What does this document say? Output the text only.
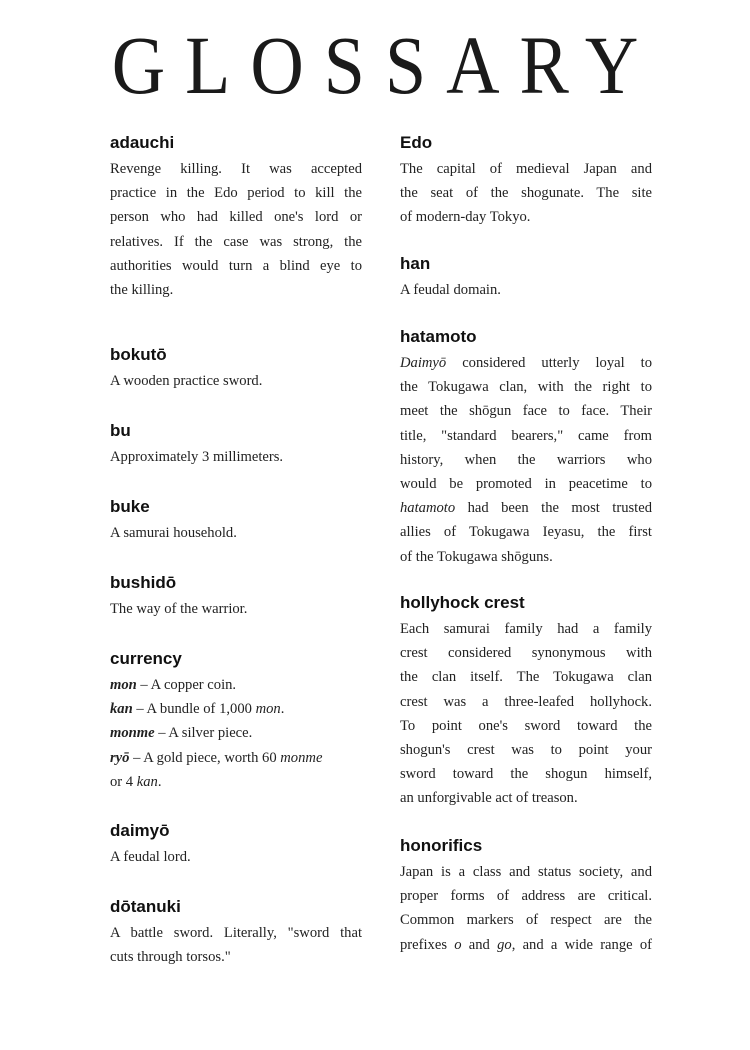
GLOSSARY
adauchi
Revenge killing. It was accepted
practice in the Edo period to kill the
person who had killed one's lord or
relatives. If the case was strong, the
authorities would turn a blind eye to
the killing.
bokutō
A wooden practice sword.
bu
Approximately 3 millimeters.
buke
A samurai household.
bushidō
The way of the warrior.
currency
mon – A copper coin.
kan – A bundle of 1,000 mon.
monme – A silver piece.
ryō – A gold piece, worth 60 monme
or 4 kan.
daimyō
A feudal lord.
dōtanuki
A battle sword. Literally, "sword that
cuts through torsos."
Edo
The capital of medieval Japan and
the seat of the shogunate. The site
of modern-day Tokyo.
han
A feudal domain.
hatamoto
Daimyō considered utterly loyal to
the Tokugawa clan, with the right to
meet the shōgun face to face. Their
title, "standard bearers," came from
history, when the warriors who
would be promoted in peacetime to
hatamoto had been the most trusted
allies of Tokugawa Ieyasu, the first
of the Tokugawa shōguns.
hollyhock crest
Each samurai family had a family
crest considered synonymous with
the clan itself. The Tokugawa clan
crest was a three-leafed hollyhock.
To point one's sword toward the
shogun's crest was to point your
sword toward the shogun himself,
an unforgivable act of treason.
honorifics
Japan is a class and status society, and
proper forms of address are critical.
Common markers of respect are the
prefixes o and go, and a wide range of
